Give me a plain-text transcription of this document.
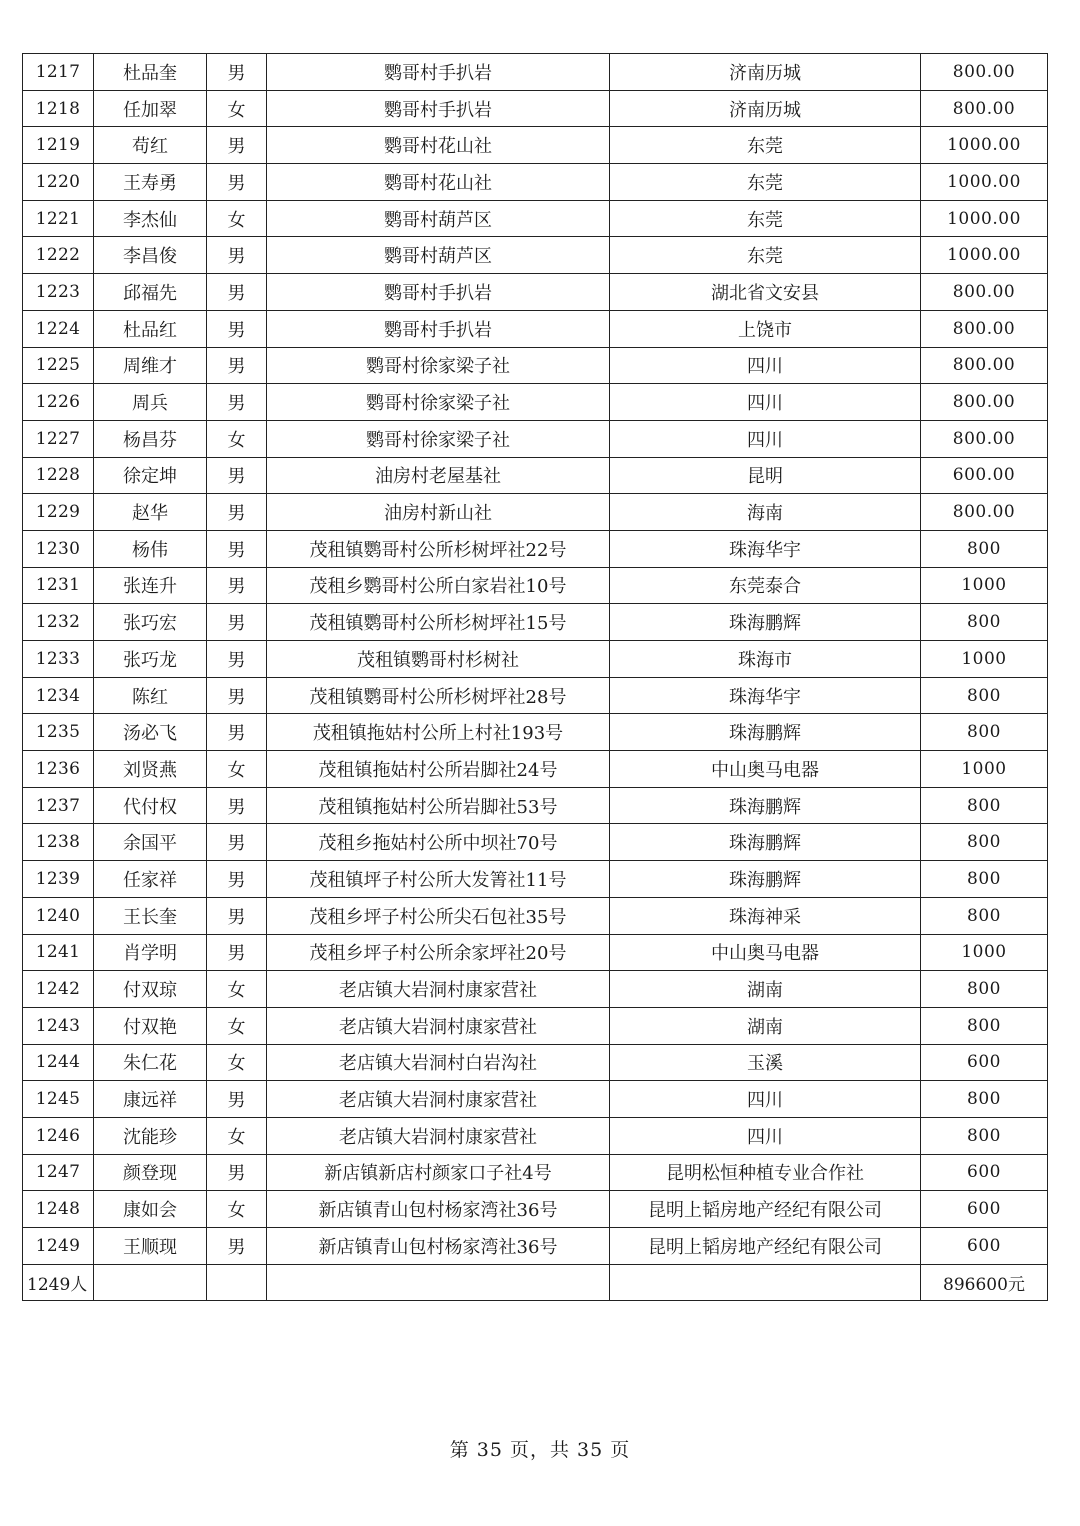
1217	杜品奎	男	鹦哥村手扒岩	济南历城	800.00
1218	任加翠	女	鹦哥村手扒岩	济南历城	800.00
1219	苟红	男	鹦哥村花山社	东莞	1000.00
1220	王寿勇	男	鹦哥村花山社	东莞	1000.00
1221	李杰仙	女	鹦哥村葫芦区	东莞	1000.00
1222	李昌俊	男	鹦哥村葫芦区	东莞	1000.00
1223	邱福先	男	鹦哥村手扒岩	湖北省文安县	800.00
1224	杜品红	男	鹦哥村手扒岩	上饶市	800.00
1225	周维才	男	鹦哥村徐家梁子社	四川	800.00
1226	周兵	男	鹦哥村徐家梁子社	四川	800.00
1227	杨昌芬	女	鹦哥村徐家梁子社	四川	800.00
1228	徐定坤	男	油房村老屋基社	昆明	600.00
1229	赵华	男	油房村新山社	海南	800.00
1230	杨伟	男	茂租镇鹦哥村公所杉树坪社22号	珠海华宇	800
1231	张连升	男	茂租乡鹦哥村公所白家岩社10号	东莞泰合	1000
1232	张巧宏	男	茂租镇鹦哥村公所杉树坪社15号	珠海鹏辉	800
1233	张巧龙	男	茂租镇鹦哥村杉树社	珠海市	1000
1234	陈红	男	茂租镇鹦哥村公所杉树坪社28号	珠海华宇	800
1235	汤必飞	男	茂租镇拖姑村公所上村社193号	珠海鹏辉	800
1236	刘贤燕	女	茂租镇拖姑村公所岩脚社24号	中山奥马电器	1000
1237	代付权	男	茂租镇拖姑村公所岩脚社53号	珠海鹏辉	800
1238	余国平	男	茂租乡拖姑村公所中坝社70号	珠海鹏辉	800
1239	任家祥	男	茂租镇坪子村公所大发箐社11号	珠海鹏辉	800
1240	王长奎	男	茂租乡坪子村公所尖石包社35号	珠海神采	800
1241	肖学明	男	茂租乡坪子村公所余家坪社20号	中山奥马电器	1000
1242	付双琼	女	老店镇大岩洞村康家营社	湖南	800
1243	付双艳	女	老店镇大岩洞村康家营社	湖南	800
1244	朱仁花	女	老店镇大岩洞村白岩沟社	玉溪	600
1245	康远祥	男	老店镇大岩洞村康家营社	四川	800
1246	沈能珍	女	老店镇大岩洞村康家营社	四川	800
1247	颜登现	男	新店镇新店村颜家口子社4号	昆明松恒种植专业合作社	600
1248	康如会	女	新店镇青山包村杨家湾社36号	昆明上韬房地产经纪有限公司	600
1249	王顺现	男	新店镇青山包村杨家湾社36号	昆明上韬房地产经纪有限公司	600
1249人					896600元
第 35 页，共 35 页
